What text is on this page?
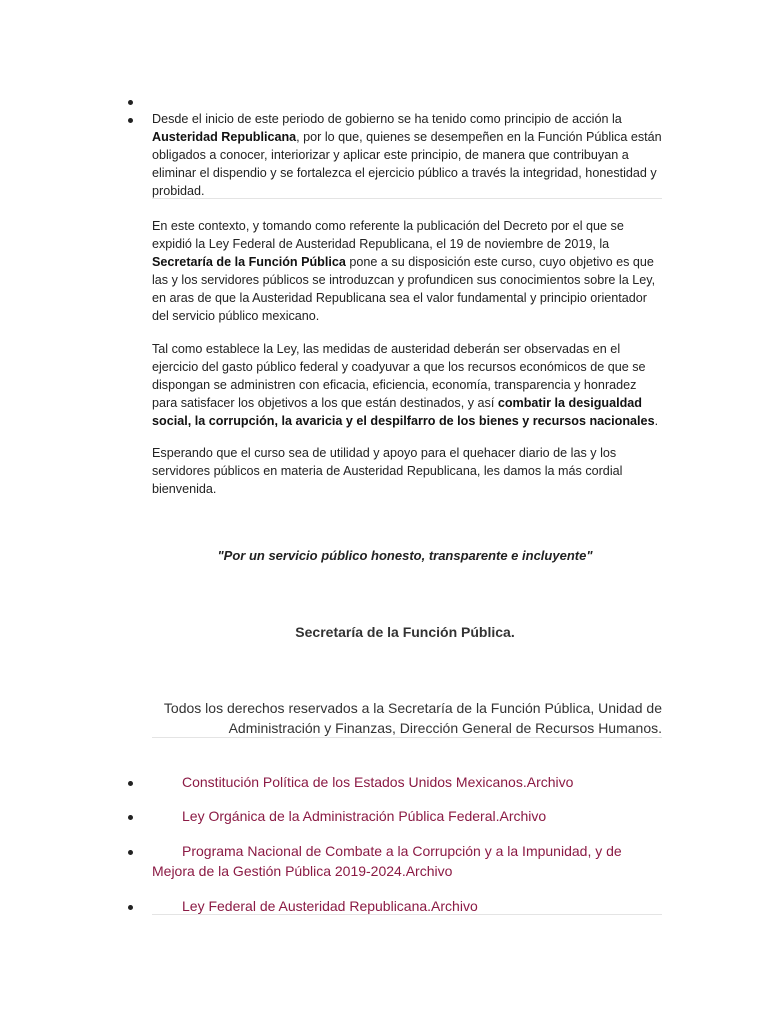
Desde el inicio de este periodo de gobierno se ha tenido como principio de acción la Austeridad Republicana, por lo que, quienes se desempeñen en la Función Pública están obligados a conocer, interiorizar y aplicar este principio, de manera que contribuyan a eliminar el dispendio y se fortalezca el ejercicio público a través la integridad, honestidad y probidad.

En este contexto, y tomando como referente la publicación del Decreto por el que se expidió la Ley Federal de Austeridad Republicana, el 19 de noviembre de 2019, la Secretaría de la Función Pública pone a su disposición este curso, cuyo objetivo es que las y los servidores públicos se introduzcan y profundicen sus conocimientos sobre la Ley, en aras de que la Austeridad Republicana sea el valor fundamental y principio orientador del servicio público mexicano.

Tal como establece la Ley, las medidas de austeridad deberán ser observadas en el ejercicio del gasto público federal y coadyuvar a que los recursos económicos de que se dispongan se administren con eficacia, eficiencia, economía, transparencia y honradez para satisfacer los objetivos a los que están destinados, y así combatir la desigualdad social, la corrupción, la avaricia y el despilfarro de los bienes y recursos nacionales.

Esperando que el curso sea de utilidad y apoyo para el quehacer diario de las y los servidores públicos en materia de Austeridad Republicana, les damos la más cordial bienvenida.

"Por un servicio público honesto, transparente e incluyente"

Secretaría de la Función Pública.

Todos los derechos reservados a la Secretaría de la Función Pública, Unidad de Administración y Finanzas, Dirección General de Recursos Humanos.

Constitución Política de los Estados Unidos Mexicanos.Archivo
Ley Orgánica de la Administración Pública Federal.Archivo
Programa Nacional de Combate a la Corrupción y a la Impunidad, y de Mejora de la Gestión Pública 2019-2024.Archivo
Ley Federal de Austeridad Republicana.Archivo
